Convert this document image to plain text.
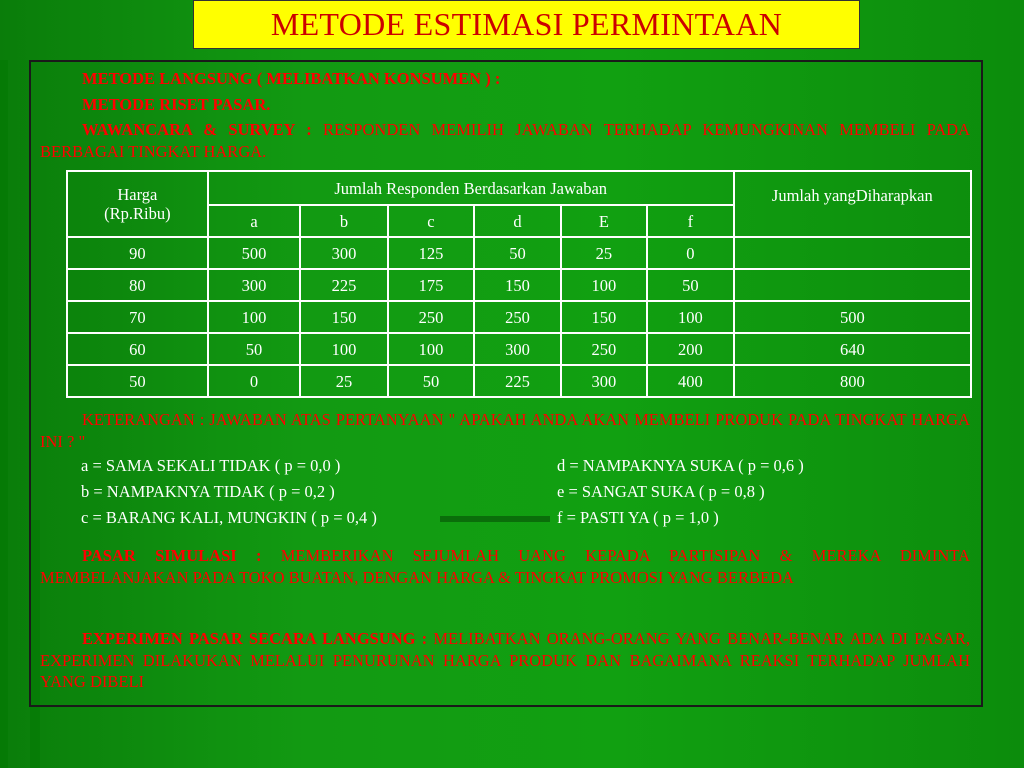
METODE ESTIMASI PERMINTAAN
METODE LANGSUNG ( MELIBATKAN KONSUMEN ) :
METODE RISET PASAR.
WAWANCARA & SURVEY : RESPONDEN MEMILIH JAWABAN TERHADAP KEMUNGKINAN MEMBELI PADA BERBAGAI TINGKAT HARGA.
KETERANGAN : JAWABAN ATAS PERTANYAAN " APAKAH ANDA AKAN MEMBELI PRODUK PADA TINGKAT HARGA INI ? "
Harga (Rp.Ribu)	Jumlah Responden Berdasarkan Jawaban						Jumlah yangDiharapkan
	a	b	c	d	E	f	
90	500	300	125	50	25	0	
80	300	225	175	150	100	50	
70	100	150	250	250	150	100	500
60	50	100	100	300	250	200	640
50	0	25	50	225	300	400	800
a = SAMA SEKALI TIDAK ( p = 0,0 )
b = NAMPAKNYA TIDAK ( p = 0,2 )
c = BARANG KALI, MUNGKIN ( p = 0,4 )
d = NAMPAKNYA SUKA ( p = 0,6 )
e = SANGAT SUKA ( p = 0,8 )
f = PASTI YA ( p = 1,0 )
PASAR SIMULASI : MEMBERIKAN SEJUMLAH UANG KEPADA PARTISIPAN & MEREKA DIMINTA MEMBELANJAKAN PADA TOKO BUATAN, DENGAN HARGA & TINGKAT PROMOSI YANG BERBEDA
EXPERIMEN PASAR SECARA LANGSUNG : MELIBATKAN ORANG-ORANG YANG BENAR-BENAR ADA DI PASAR, EXPERIMEN DILAKUKAN MELALUI PENURUNAN HARGA PRODUK DAN BAGAIMANA REAKSI TERHADAP JUMLAH YANG DIBELI
